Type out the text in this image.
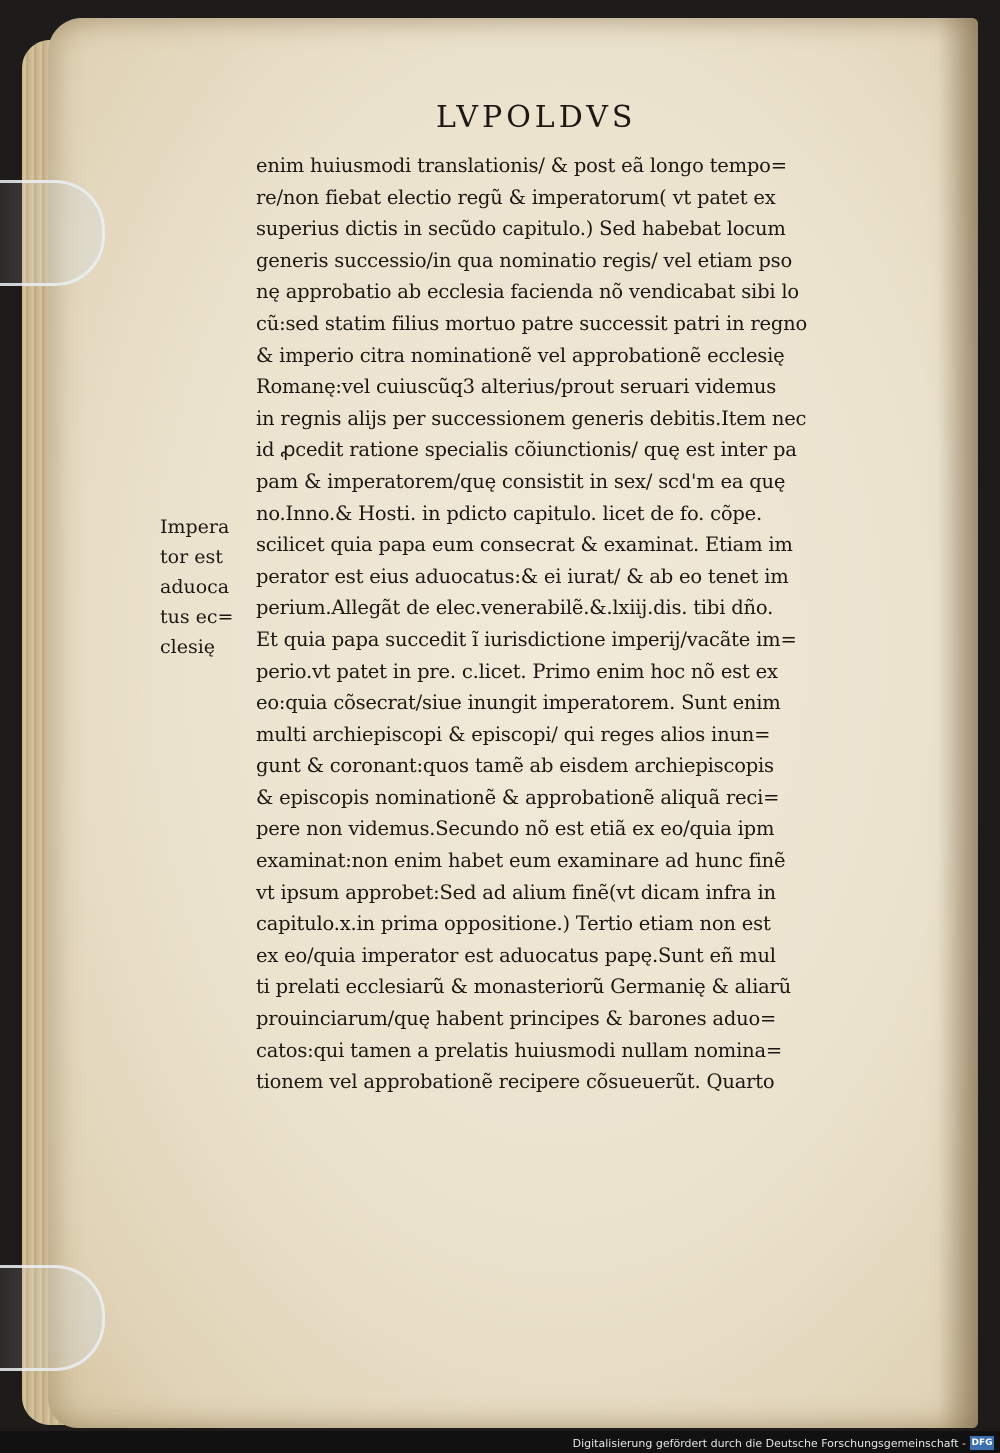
LVPOLDVS
enim huiusmodi translationis/ & post eã longo tempo=
re/non fiebat electio regũ & imperatorum( vt patet ex
superius dictis in secũdo capitulo.) Sed habebat locum
generis successio/in qua nominatio regis/ vel etiam pso
nę approbatio ab ecclesia facienda nõ vendicabat sibi lo
cũ:sed statim filius mortuo patre successit patri in regno
& imperio citra nominationẽ vel approbationẽ ecclesię
Romanę:vel cuiuscũq3 alterius/prout seruari videmus
in regnis alijs per successionem generis debitis.Item nec
id ꝓcedit ratione specialis cõiunctionis/ quę est inter pa
pam & imperatorem/quę consistit in sex/ scd'm ea quę
no.Inno.& Hosti. in pdicto capitulo. licet de fo. cõpe.
scilicet quia papa eum consecrat & examinat. Etiam im
perator est eius aduocatus:& ei iurat/ & ab eo tenet im
perium.Allegãt de elec.venerabilẽ.&.lxiij.dis. tibi dño.
Et quia papa succedit ĩ iurisdictione imperij/vacãte im=
perio.vt patet in pre. c.licet. Primo enim hoc nõ est ex
eo:quia cõsecrat/siue inungit imperatorem. Sunt enim
multi archiepiscopi & episcopi/ qui reges alios inun=
gunt & coronant:quos tamẽ ab eisdem archiepiscopis
& episcopis nominationẽ & approbationẽ aliquã reci=
pere non videmus.Secundo nõ est etiã ex eo/quia ipm
examinat:non enim habet eum examinare ad hunc finẽ
vt ipsum approbet:Sed ad alium finẽ(vt dicam infra in
capitulo.x.in prima oppositione.) Tertio etiam non est
ex eo/quia imperator est aduocatus papę.Sunt eñ mul
ti prelati ecclesiarũ & monasteriorũ Germanię & aliarũ
prouinciarum/quę habent principes & barones aduo=
catos:qui tamen a prelatis huiusmodi nullam nomina=
tionem vel approbationẽ recipere cõsueuerũt. Quarto
Impera
tor est
aduoca
tus ec=
clesię
Digitalisierung gefördert durch die Deutsche Forschungsgemeinschaft - DFG
